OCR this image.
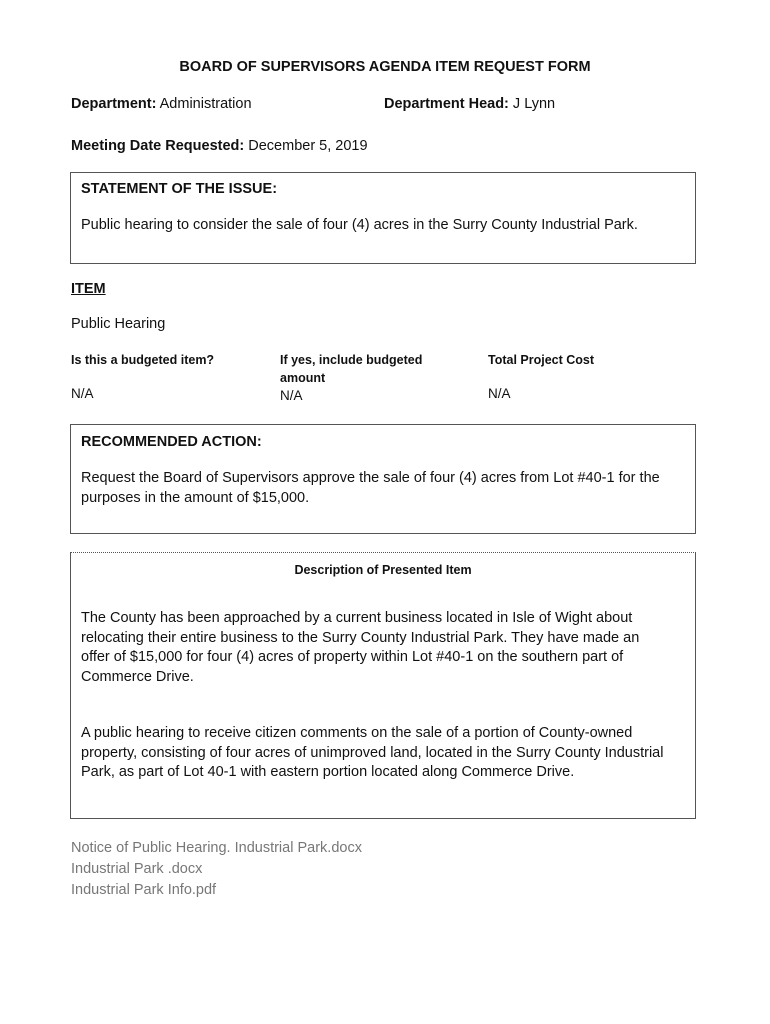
BOARD OF SUPERVISORS AGENDA ITEM REQUEST FORM
Department: Administration	Department Head: J Lynn
Meeting Date Requested: December 5, 2019
STATEMENT OF THE ISSUE:
Public hearing to consider the sale of four (4) acres in the Surry County Industrial Park.
ITEM
Public Hearing
Is this a budgeted item?
N/A
If yes, include budgeted amount
N/A
Total Project Cost
N/A
RECOMMENDED ACTION:
Request the Board of Supervisors approve the sale of four (4) acres from Lot #40-1 for the purposes in the amount of $15,000.
Description of Presented Item
The County has been approached by a current business located in Isle of Wight about relocating their entire business to the Surry County Industrial Park. They have made an offer of $15,000 for four (4) acres of property within Lot #40-1 on the southern part of Commerce Drive.
A public hearing to receive citizen comments on the sale of a portion of County-owned property, consisting of four acres of unimproved land, located in the Surry County Industrial Park, as part of Lot 40-1 with eastern portion located along Commerce Drive.
Notice of Public Hearing. Industrial Park.docx
Industrial Park .docx
Industrial Park Info.pdf
